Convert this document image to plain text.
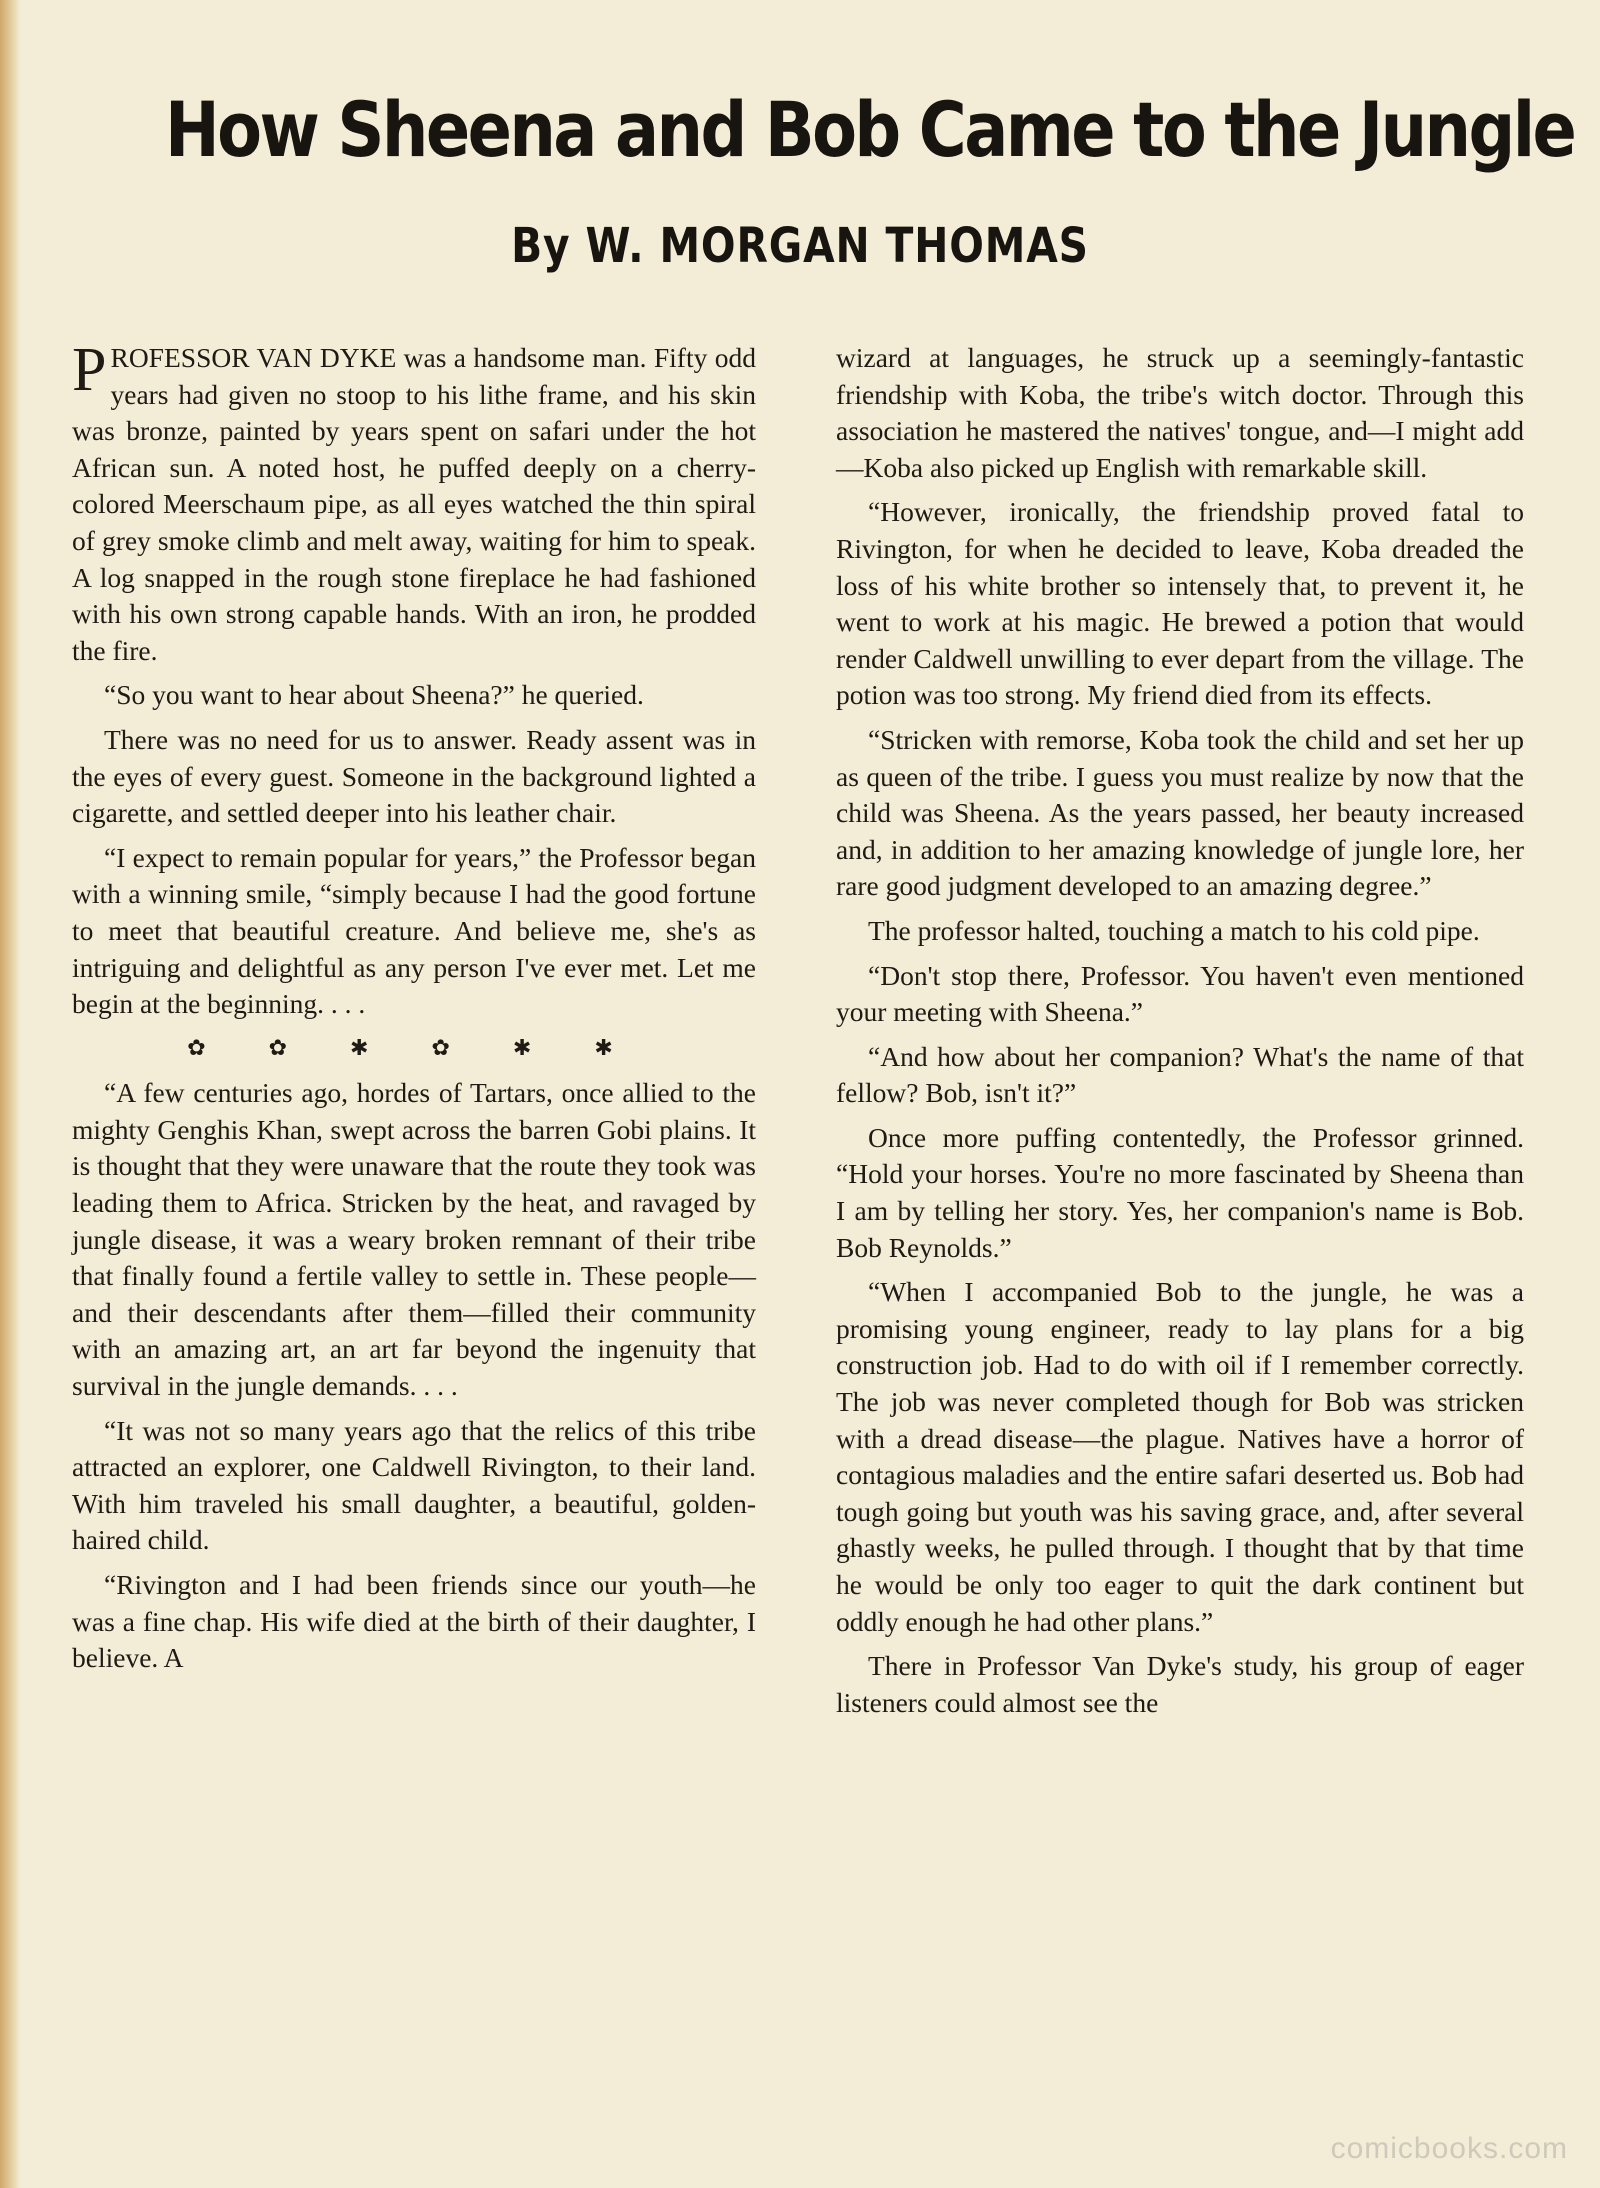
How Sheena and Bob Came to the Jungle
By W. MORGAN THOMAS

PROFESSOR VAN DYKE was a handsome man. Fifty odd years had given no stoop to his lithe frame, and his skin was bronze, painted by years spent on safari under the hot African sun. A noted host, he puffed deeply on a cherry-colored Meerschaum pipe, as all eyes watched the thin spiral of grey smoke climb and melt away, waiting for him to speak. A log snapped in the rough stone fireplace he had fashioned with his own strong capable hands. With an iron, he prodded the fire.

“So you want to hear about Sheena?” he queried.

There was no need for us to answer. Ready assent was in the eyes of every guest. Someone in the background lighted a cigarette, and settled deeper into his leather chair.

“I expect to remain popular for years,” the Professor began with a winning smile, “simply because I had the good fortune to meet that beautiful creature. And believe me, she's as intriguing and delightful as any person I've ever met. Let me begin at the beginning. . . .

✿ ✿ ✱ ✿ ✱ ✱

“A few centuries ago, hordes of Tartars, once allied to the mighty Genghis Khan, swept across the barren Gobi plains. It is thought that they were unaware that the route they took was leading them to Africa. Stricken by the heat, and ravaged by jungle disease, it was a weary broken remnant of their tribe that finally found a fertile valley to settle in. These people—and their descendants after them—filled their community with an amazing art, an art far beyond the ingenuity that survival in the jungle demands. . . .

“It was not so many years ago that the relics of this tribe attracted an explorer, one Caldwell Rivington, to their land. With him traveled his small daughter, a beautiful, golden-haired child.

“Rivington and I had been friends since our youth—he was a fine chap. His wife died at the birth of their daughter, I believe. A

wizard at languages, he struck up a seemingly-fantastic friendship with Koba, the tribe's witch doctor. Through this association he mastered the natives' tongue, and—I might add—Koba also picked up English with remarkable skill.

“However, ironically, the friendship proved fatal to Rivington, for when he decided to leave, Koba dreaded the loss of his white brother so intensely that, to prevent it, he went to work at his magic. He brewed a potion that would render Caldwell unwilling to ever depart from the village. The potion was too strong. My friend died from its effects.

“Stricken with remorse, Koba took the child and set her up as queen of the tribe. I guess you must realize by now that the child was Sheena. As the years passed, her beauty increased and, in addition to her amazing knowledge of jungle lore, her rare good judgment developed to an amazing degree.”

The professor halted, touching a match to his cold pipe.

“Don't stop there, Professor. You haven't even mentioned your meeting with Sheena.”

“And how about her companion? What's the name of that fellow? Bob, isn't it?”

Once more puffing contentedly, the Professor grinned. “Hold your horses. You're no more fascinated by Sheena than I am by telling her story. Yes, her companion's name is Bob. Bob Reynolds.”

“When I accompanied Bob to the jungle, he was a promising young engineer, ready to lay plans for a big construction job. Had to do with oil if I remember correctly. The job was never completed though for Bob was stricken with a dread disease—the plague. Natives have a horror of contagious maladies and the entire safari deserted us. Bob had tough going but youth was his saving grace, and, after several ghastly weeks, he pulled through. I thought that by that time he would be only too eager to quit the dark continent but oddly enough he had other plans.”

There in Professor Van Dyke's study, his group of eager listeners could almost see the

comicbooks.com
